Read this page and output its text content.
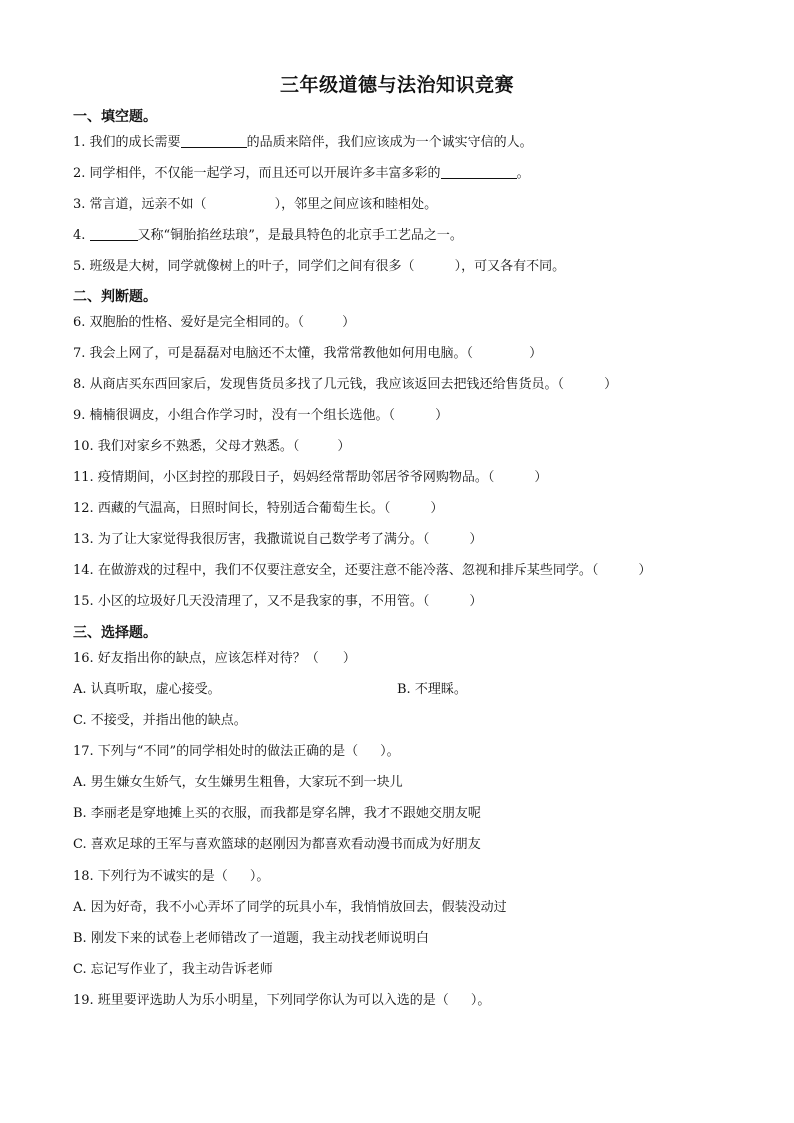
三年级道德与法治知识竞赛
一、填空题。
1. 我们的成长需要	的品质来陪伴，我们应该成为一个诚实守信的人。
2. 同学相伴，不仅能一起学习，而且还可以开展许多丰富多彩的	。
3. 常言道，远亲不如（	），邻里之间应该和睦相处。
4.	又称“铜胎掐丝珐琅”，是最具特色的北京手工艺品之一。
5. 班级是大树，同学就像树上的叶子，同学们之间有很多（	），可又各有不同。
二、判断题。
6. 双胞胎的性格、爱好是完全相同的。（	）
7. 我会上网了，可是磊磊对电脑还不太懂，我常常教他如何用电脑。（	）
8. 从商店买东西回家后，发现售货员多找了几元钱，我应该返回去把钱还给售货员。（	）
9. 楠楠很调皮，小组合作学习时，没有一个组长选他。（	）
10. 我们对家乡不熟悉，父母才熟悉。（	）
11. 疫情期间，小区封控的那段日子，妈妈经常帮助邻居爷爷网购物品。（	）
12. 西藏的气温高，日照时间长，特别适合葡萄生长。（	）
13. 为了让大家觉得我很厉害，我撒谎说自己数学考了满分。（	）
14. 在做游戏的过程中，我们不仅要注意安全，还要注意不能冷落、忽视和排斥某些同学。（	）
15. 小区的垃圾好几天没清理了，又不是我家的事，不用管。（	）
三、选择题。
16. 好友指出你的缺点，应该怎样对待？（ ）
A. 认真听取，虚心接受。	B. 不理睬。
C. 不接受，并指出他的缺点。
17. 下列与“不同”的同学相处时的做法正确的是（ ）。
A. 男生嫌女生娇气，女生嫌男生粗鲁，大家玩不到一块儿
B. 李丽老是穿地摊上买的衣服，而我都是穿名牌，我才不跟她交朋友呢
C. 喜欢足球的王军与喜欢篮球的赵刚因为都喜欢看动漫书而成为好朋友
18. 下列行为不诚实的是（ ）。
A. 因为好奇，我不小心弄坏了同学的玩具小车，我悄悄放回去，假装没动过
B. 刚发下来的试卷上老师错改了一道题，我主动找老师说明白
C. 忘记写作业了，我主动告诉老师
19. 班里要评选助人为乐小明星，下列同学你认为可以入选的是（ ）。
